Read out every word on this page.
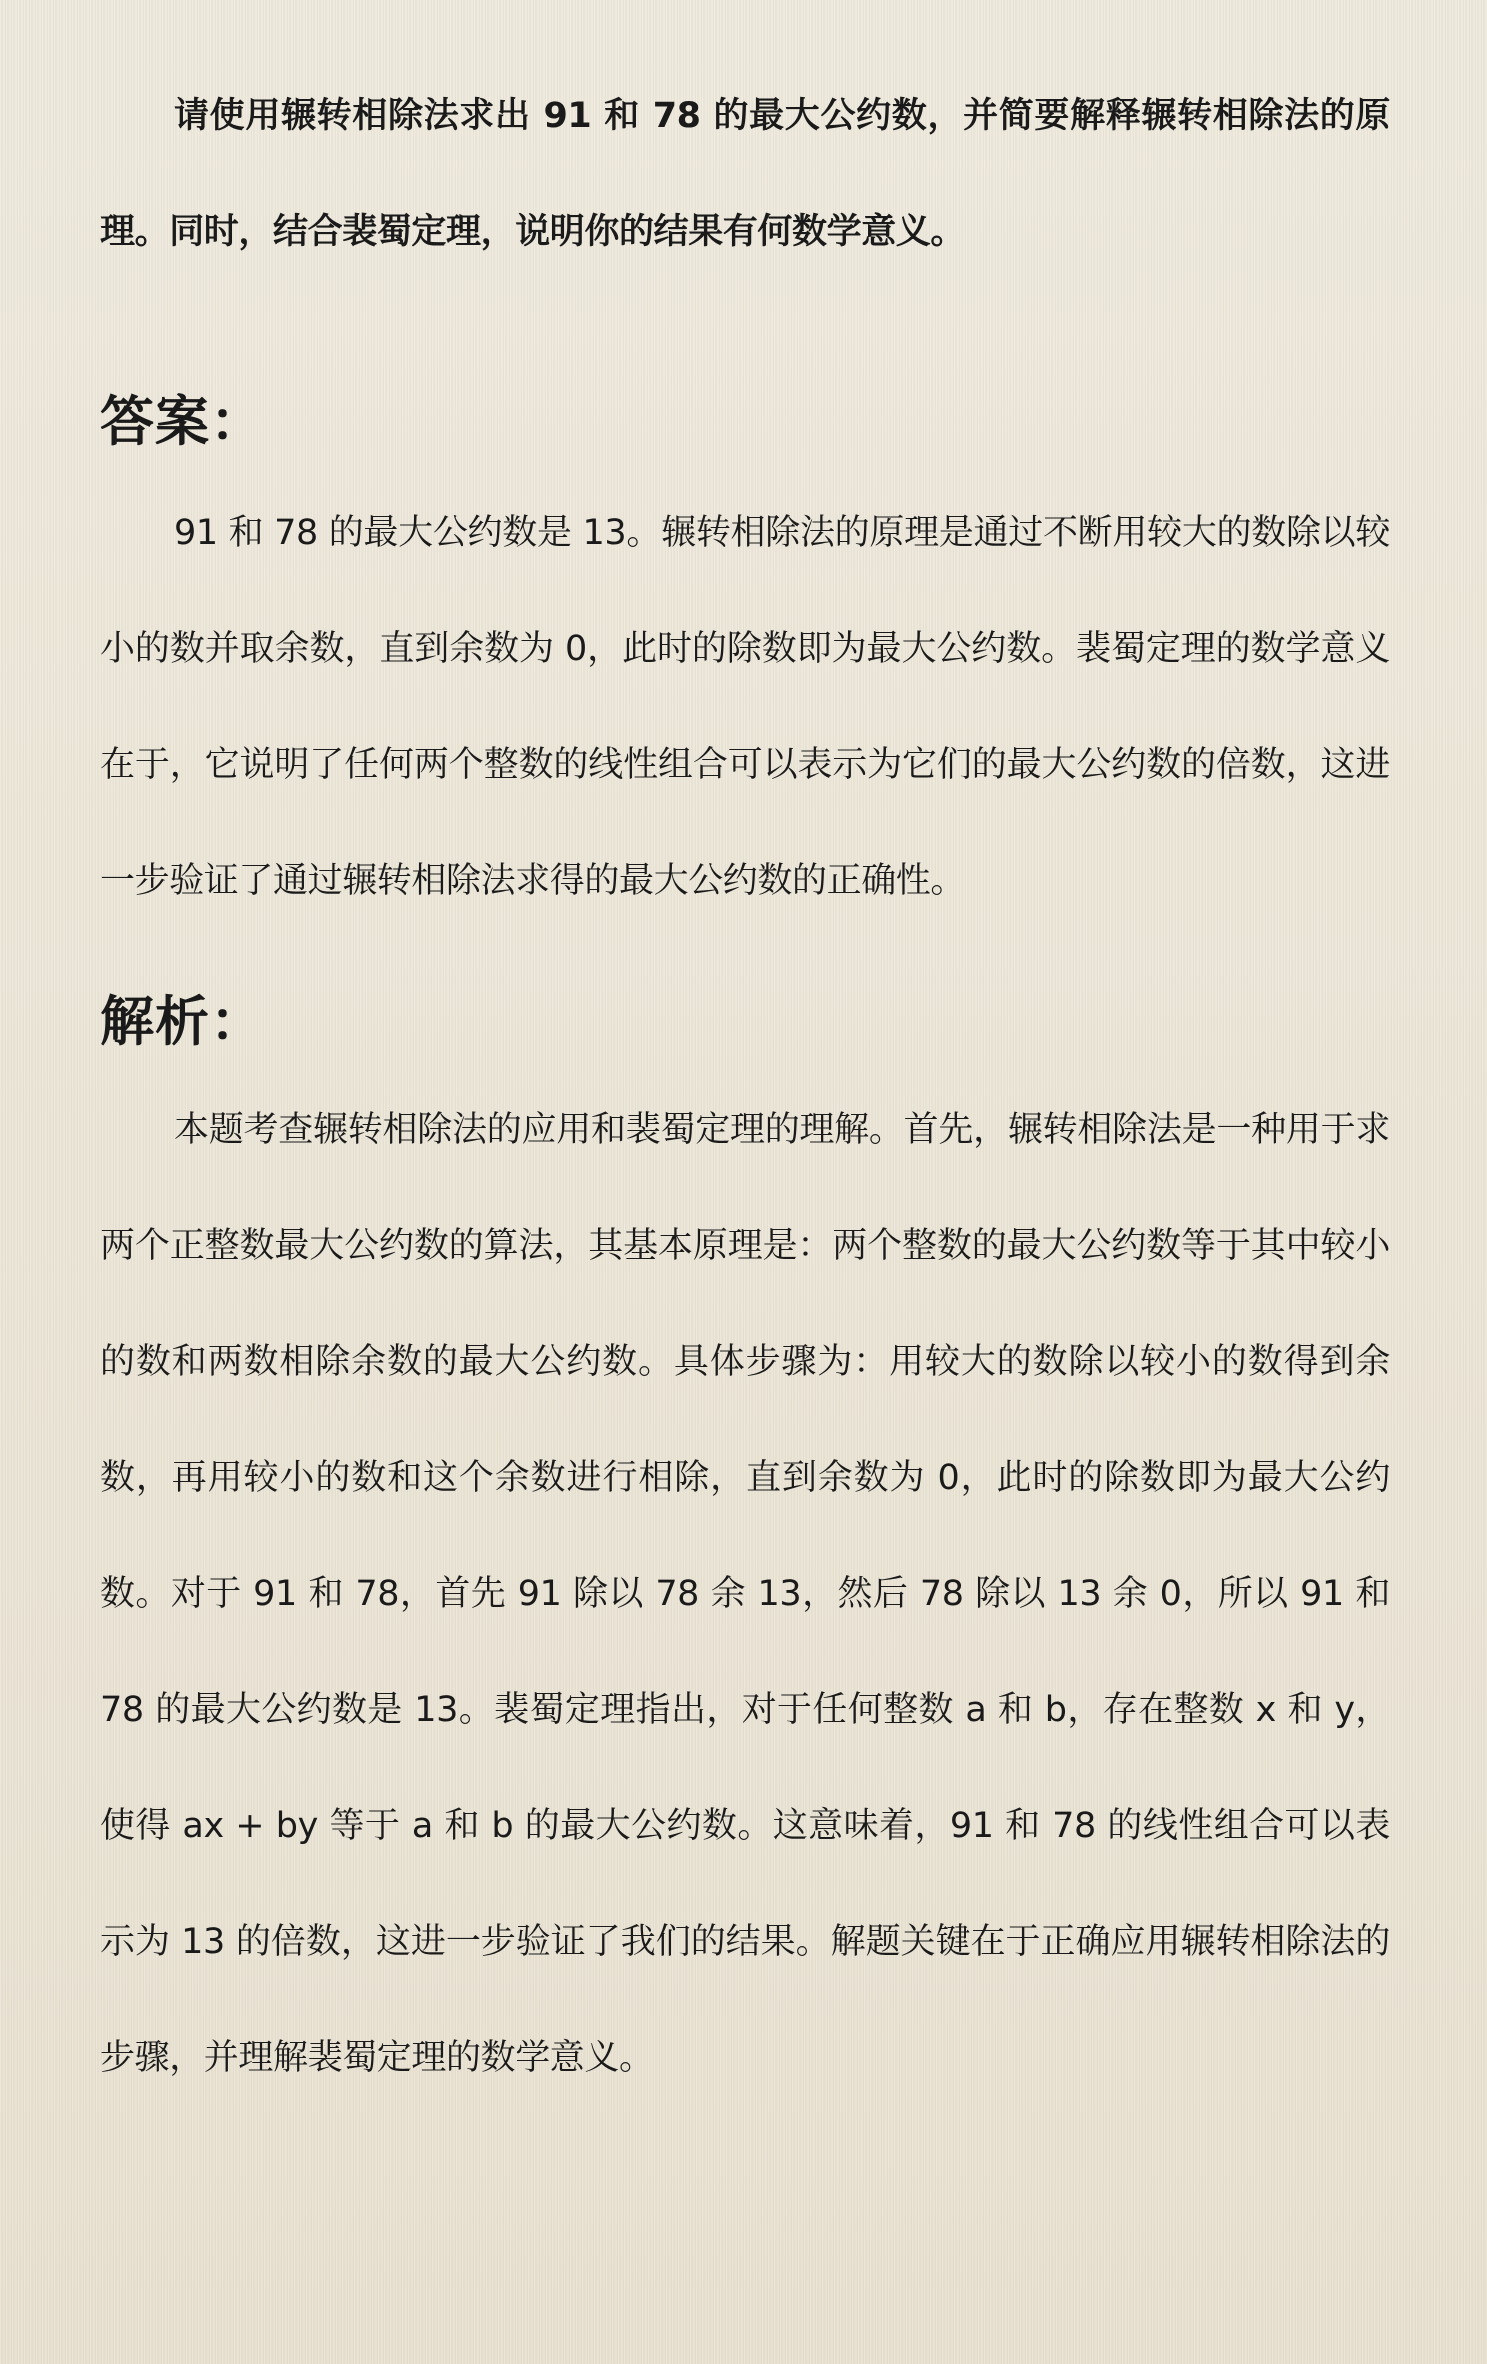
请使用辗转相除法求出 91 和 78 的最大公约数，并简要解释辗转相除法的原理。同时，结合裴蜀定理，说明你的结果有何数学意义。

答案：

91 和 78 的最大公约数是 13。辗转相除法的原理是通过不断用较大的数除以较小的数并取余数，直到余数为 0，此时的除数即为最大公约数。裴蜀定理的数学意义在于，它说明了任何两个整数的线性组合可以表示为它们的最大公约数的倍数，这进一步验证了通过辗转相除法求得的最大公约数的正确性。

解析：

本题考查辗转相除法的应用和裴蜀定理的理解。首先，辗转相除法是一种用于求两个正整数最大公约数的算法，其基本原理是：两个整数的最大公约数等于其中较小的数和两数相除余数的最大公约数。具体步骤为：用较大的数除以较小的数得到余数，再用较小的数和这个余数进行相除，直到余数为 0，此时的除数即为最大公约数。对于 91 和 78，首先 91 除以 78 余 13，然后 78 除以 13 余 0，所以 91 和 78 的最大公约数是 13。裴蜀定理指出，对于任何整数 a 和 b，存在整数 x 和 y，使得 ax + by 等于 a 和 b 的最大公约数。这意味着，91 和 78 的线性组合可以表示为 13 的倍数，这进一步验证了我们的结果。解题关键在于正确应用辗转相除法的步骤，并理解裴蜀定理的数学意义。
